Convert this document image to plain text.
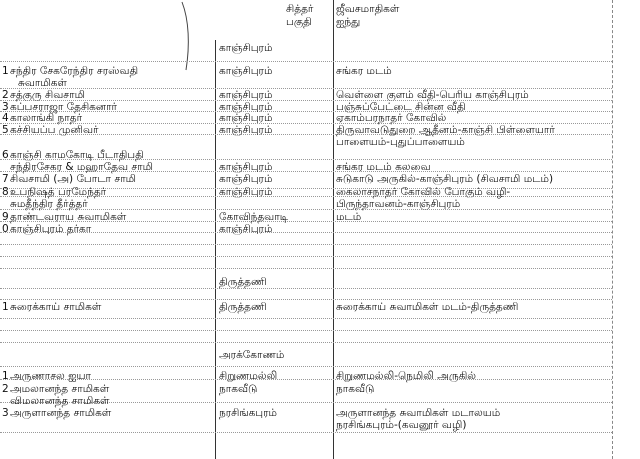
சித்தர்
பகுதி
ஜீவசமாதிகள்
ஐந்து
காஞ்சிபுரம்
1 சந்திர சேகரேந்திர சரஸ்வதி
சுவாமிகள்
காஞ்சிபுரம்	சங்கர மடம்
2 சத்குரு சிவசாமி	காஞ்சிபுரம்	வெள்ளை குளம் வீதி-பெரிய காஞ்சிபுரம்
3 கப்பசராஜா தேசிகனார்	காஞ்சிபுரம்	பஞ்சுப்பேட்டை சின்ன வீதி
4 காலாங்கி நாதர்	காஞ்சிபுரம்	ஏகாம்பரநாதர் கோவில்
5 கச்சியப்ப முனிவர்	காஞ்சிபுரம்	திருவாவடுதுறை ஆதீனம்-காஞ்சி பிள்ளையார்
பாளையம்-புதுப்பாளையம்
6 காஞ்சி காமகோடி பீடாதிபதி
சந்திரசேகர & மஹாதேவ சாமி	காஞ்சிபுரம்	சங்கர மடம் கலவை
7 சிவசாமி (அ) போடா சாமி	காஞ்சிபுரம்	சுடுகாடு அருகில்-காஞ்சிபுரம் (சிவசாமி மடம்)
8 உபநிஷத் பரமேந்தர்
சுமதீந்திர தீர்த்தர்
காஞ்சிபுரம்	கைலாசநாதர் கோவில் போகும் வழி-
பிருந்தாவனம்-காஞ்சிபுரம்
9 தாண்டவராய சுவாமிகள்	கோவிந்தவாடி	மடம்
0 காஞ்சிபுரம் தர்கா	காஞ்சிபுரம்
திருத்தணி
1 சுரைக்காய் சாமிகள்	திருத்தணி	சுரைக்காய் சுவாமிகள் மடம்-திருத்தணி
அரக்கோணம்
1 அருணாசல ஐயா	சிறுணமல்லி	சிறுணமல்லி-நெமிலி அருகில்
2 அமலானந்த சாமிகள்
விமலானந்த சாமிகள்
நாகவீடு	நாகவீடு
3 அருளானந்த சாமிகள்	நரசிங்கபுரம்	அருளானந்த சுவாமிகள் மடாலயம்
நரசிங்கபுரம்-(கவனூர் வழி)
